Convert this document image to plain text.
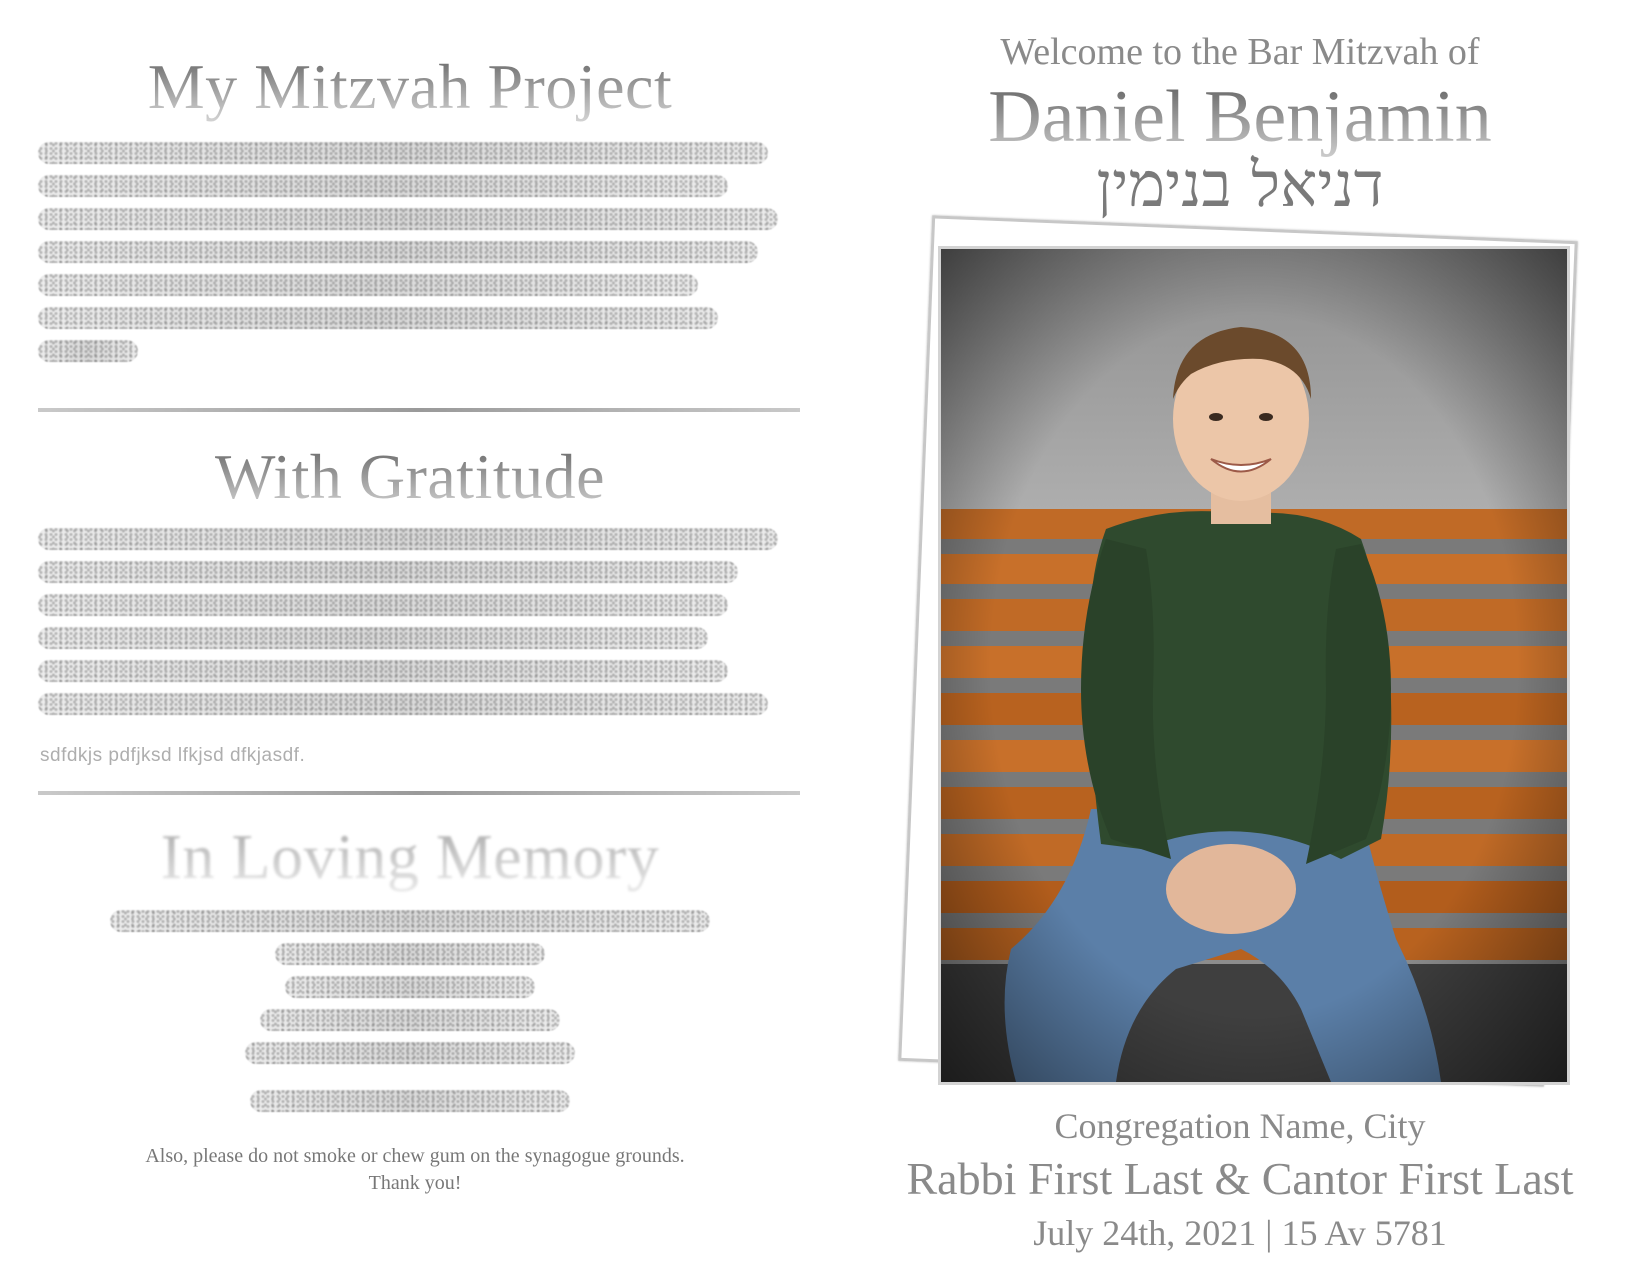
My Mitzvah Project
With Gratitude
sdfdkjs pdfjksd lfkjsd dfkjasdf.
In Loving Memory
Also, please do not smoke or chew gum on the synagogue grounds.
Thank you!
Welcome to the Bar Mitzvah of
Daniel Benjamin
דניאל בנימין
Congregation Name, City
Rabbi First Last & Cantor First Last
July 24th, 2021 | 15 Av 5781
